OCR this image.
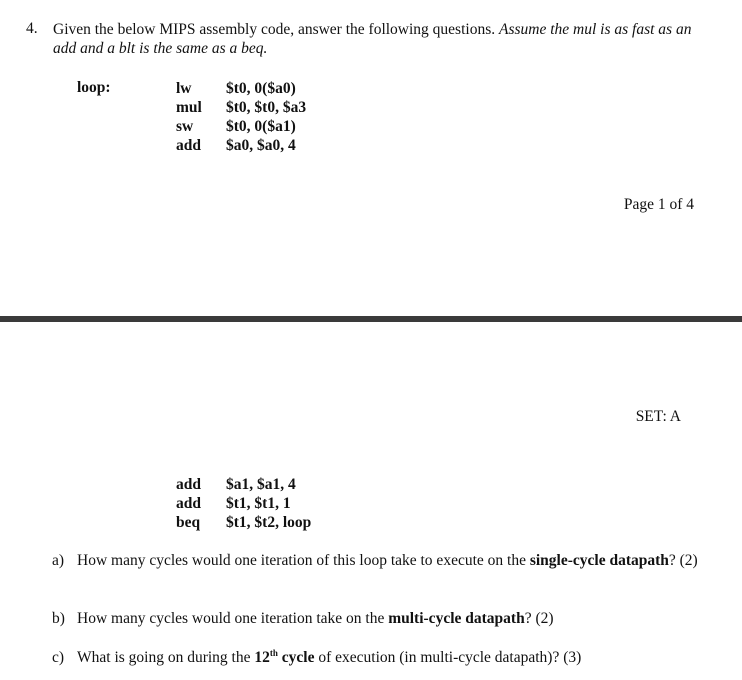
4. Given the below MIPS assembly code, answer the following questions. Assume the mul is as fast as an add and a blt is the same as a beq.
loop:	lw $t0, 0($a0)
mul $t0, $t0, $a3
sw $t0, 0($a1)
add $a0, $a0, 4
Page 1 of 4
SET: A
add $a1, $a1, 4
add $t1, $t1, 1
beq $t1, $t2, loop
a) How many cycles would one iteration of this loop take to execute on the single-cycle datapath? (2)
b) How many cycles would one iteration take on the multi-cycle datapath? (2)
c) What is going on during the 12th cycle of execution (in multi-cycle datapath)? (3)
